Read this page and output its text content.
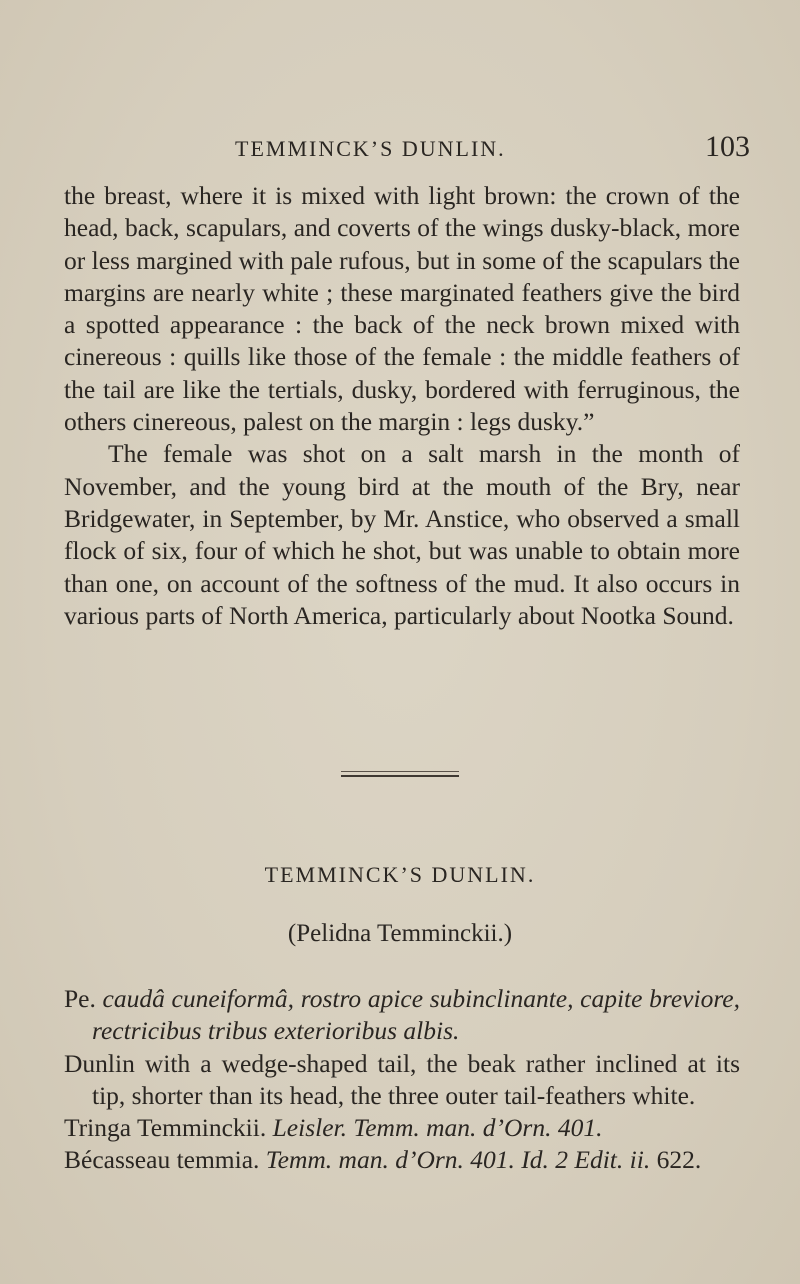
TEMMINCK’S DUNLIN.	103

the breast, where it is mixed with light brown: the crown of the head, back, scapulars, and coverts of the wings dusky-black, more or less margined with pale rufous, but in some of the scapulars the margins are nearly white ; these marginated feathers give the bird a spotted appearance : the back of the neck brown mixed with cinereous : quills like those of the female : the middle feathers of the tail are like the tertials, dusky, bordered with ferruginous, the others cinereous, palest on the margin : legs dusky.”

The female was shot on a salt marsh in the month of November, and the young bird at the mouth of the Bry, near Bridgewater, in September, by Mr. Anstice, who observed a small flock of six, four of which he shot, but was unable to obtain more than one, on account of the softness of the mud. It also occurs in various parts of North America, particularly about Nootka Sound.

TEMMINCK’S DUNLIN.
(Pelidna Temminckii.)

Pe. caudâ cuneiformâ, rostro apice subinclinante, capite breviore, rectricibus tribus exterioribus albis.

Dunlin with a wedge-shaped tail, the beak rather inclined at its tip, shorter than its head, the three outer tail-feathers white.

Tringa Temminckii. Leisler. Temm. man. d’Orn. 401.

Bécasseau temmia. Temm. man. d’Orn. 401. Id. 2 Edit. ii. 622.
